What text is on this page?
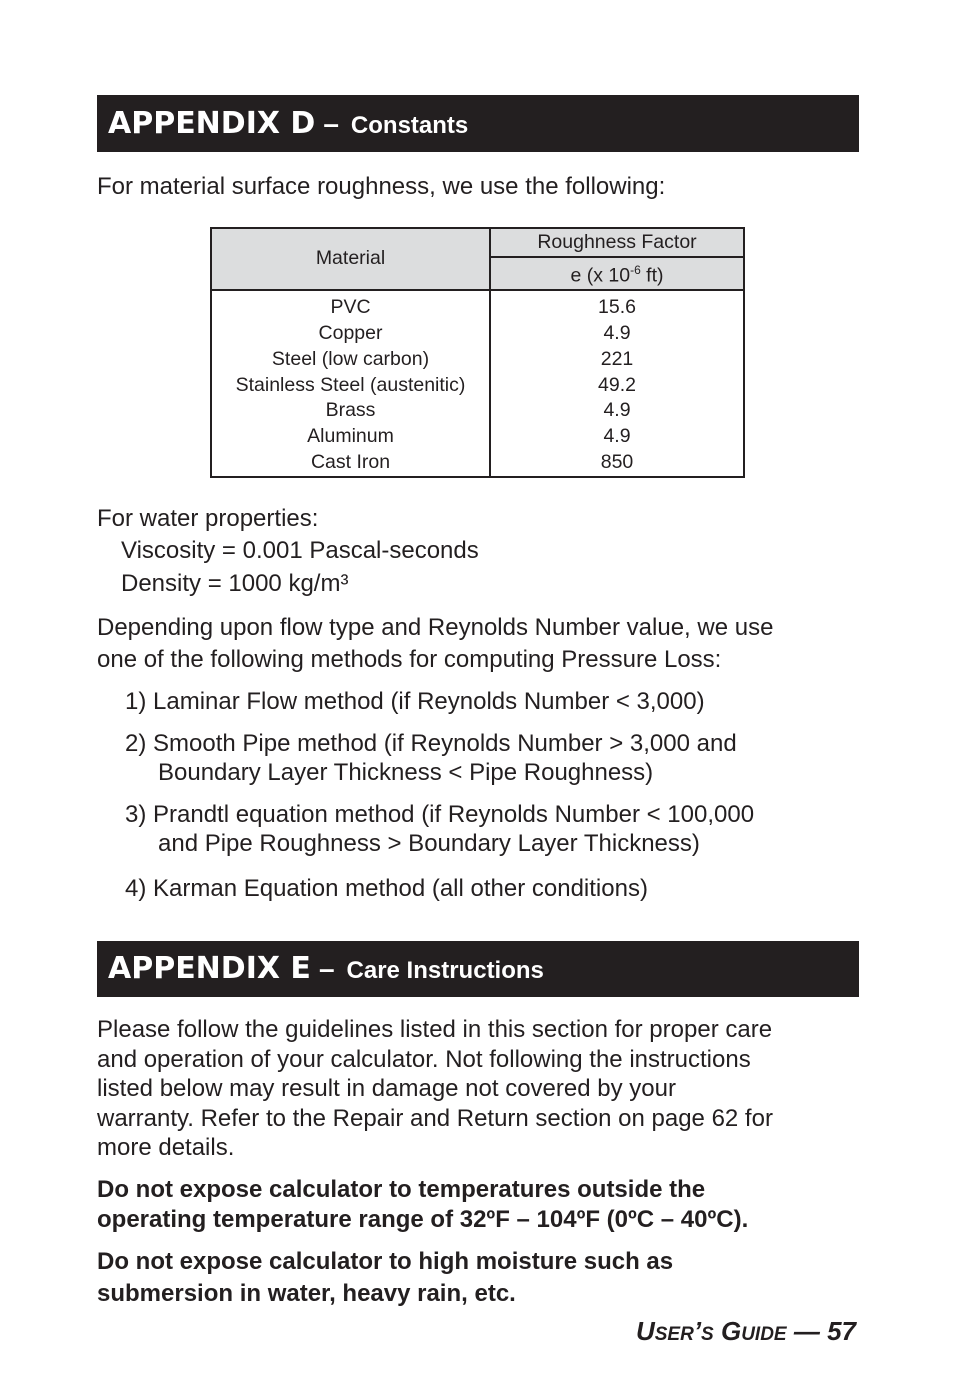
APPENDIX D – Constants

For material surface roughness, we use the following:

Material	Roughness Factor
	e (x $10^{-6}$ ft)
PVC	15.6
Copper	4.9
Steel (low carbon)	221
Stainless Steel (austenitic)	49.2
Brass	4.9
Aluminum	4.9
Cast Iron	850

For water properties:

Viscosity = 0.001 Pascal-seconds

Density = 1000 kg/m³

Depending upon flow type and Reynolds Number value, we use

one of the following methods for computing Pressure Loss:

1) Laminar Flow method (if Reynolds Number < 3,000)

2) Smooth Pipe method (if Reynolds Number > 3,000 and
Boundary Layer Thickness < Pipe Roughness)
3) Prandtl equation method (if Reynolds Number < 100,000
and Pipe Roughness > Boundary Layer Thickness)

4) Karman Equation method (all other conditions)

APPENDIX E – Care Instructions
Please follow the guidelines listed in this section for proper care
and operation of your calculator. Not following the instructions
listed below may result in damage not covered by your
warranty. Refer to the Repair and Return section on page 62 for
more details.
Do not expose calculator to temperatures outside the
operating temperature range of 32ºF – 104ºF (0ºC – 40ºC).
Do not expose calculator to high moisture such as
submersion in water, heavy rain, etc.
USER’S GUIDE — 57
